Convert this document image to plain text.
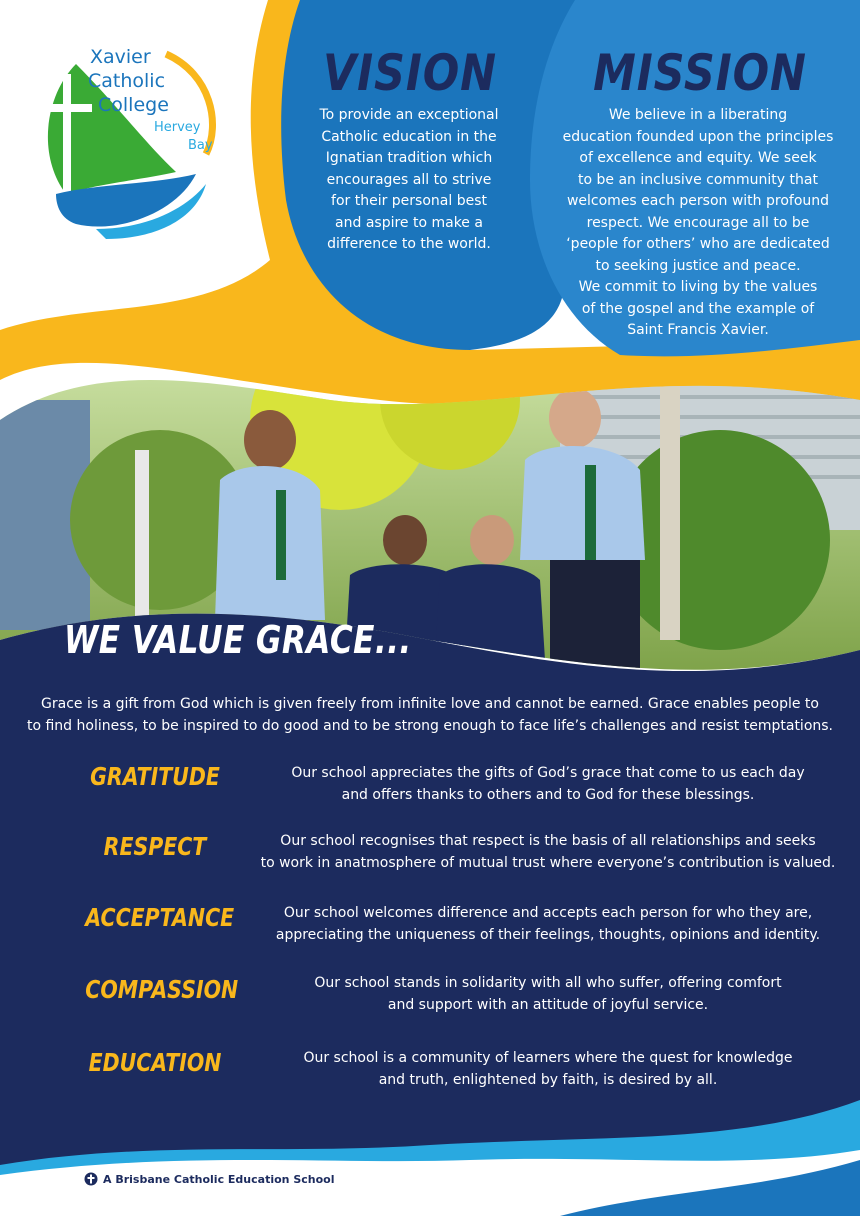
Xavier
Catholic
College
Hervey
Bay
VISION
To provide an exceptional
Catholic education in the
Ignatian tradition which
encourages all to strive
for their personal best
and aspire to make a
difference to the world.
MISSION
We believe in a liberating
education founded upon the principles
of excellence and equity. We seek
to be an inclusive community that
welcomes each person with profound
respect. We encourage all to be
‘people for others’ who are dedicated
to seeking justice and peace.
We commit to living by the values
of the gospel and the example of
Saint Francis Xavier.
WE VALUE GRACE...
Grace is a gift from God which is given freely from infinite love and cannot be earned. Grace enables people to
to find holiness, to be inspired to do good and to be strong enough to face life’s challenges and resist temptations.
GRATITUDE	Our school appreciates the gifts of God’s grace that come to us each day
and offers thanks to others and to God for these blessings.
RESPECT	Our school recognises that respect is the basis of all relationships and seeks
to work in anatmosphere of mutual trust where everyone’s contribution is valued.
ACCEPTANCE	Our school welcomes difference and accepts each person for who they are,
appreciating the uniqueness of their feelings, thoughts, opinions and identity.
COMPASSION	Our school stands in solidarity with all who suffer, offering comfort
and support with an attitude of joyful service.
EDUCATION	Our school is a community of learners where the quest for knowledge
and truth, enlightened by faith, is desired by all.
A Brisbane Catholic Education School
